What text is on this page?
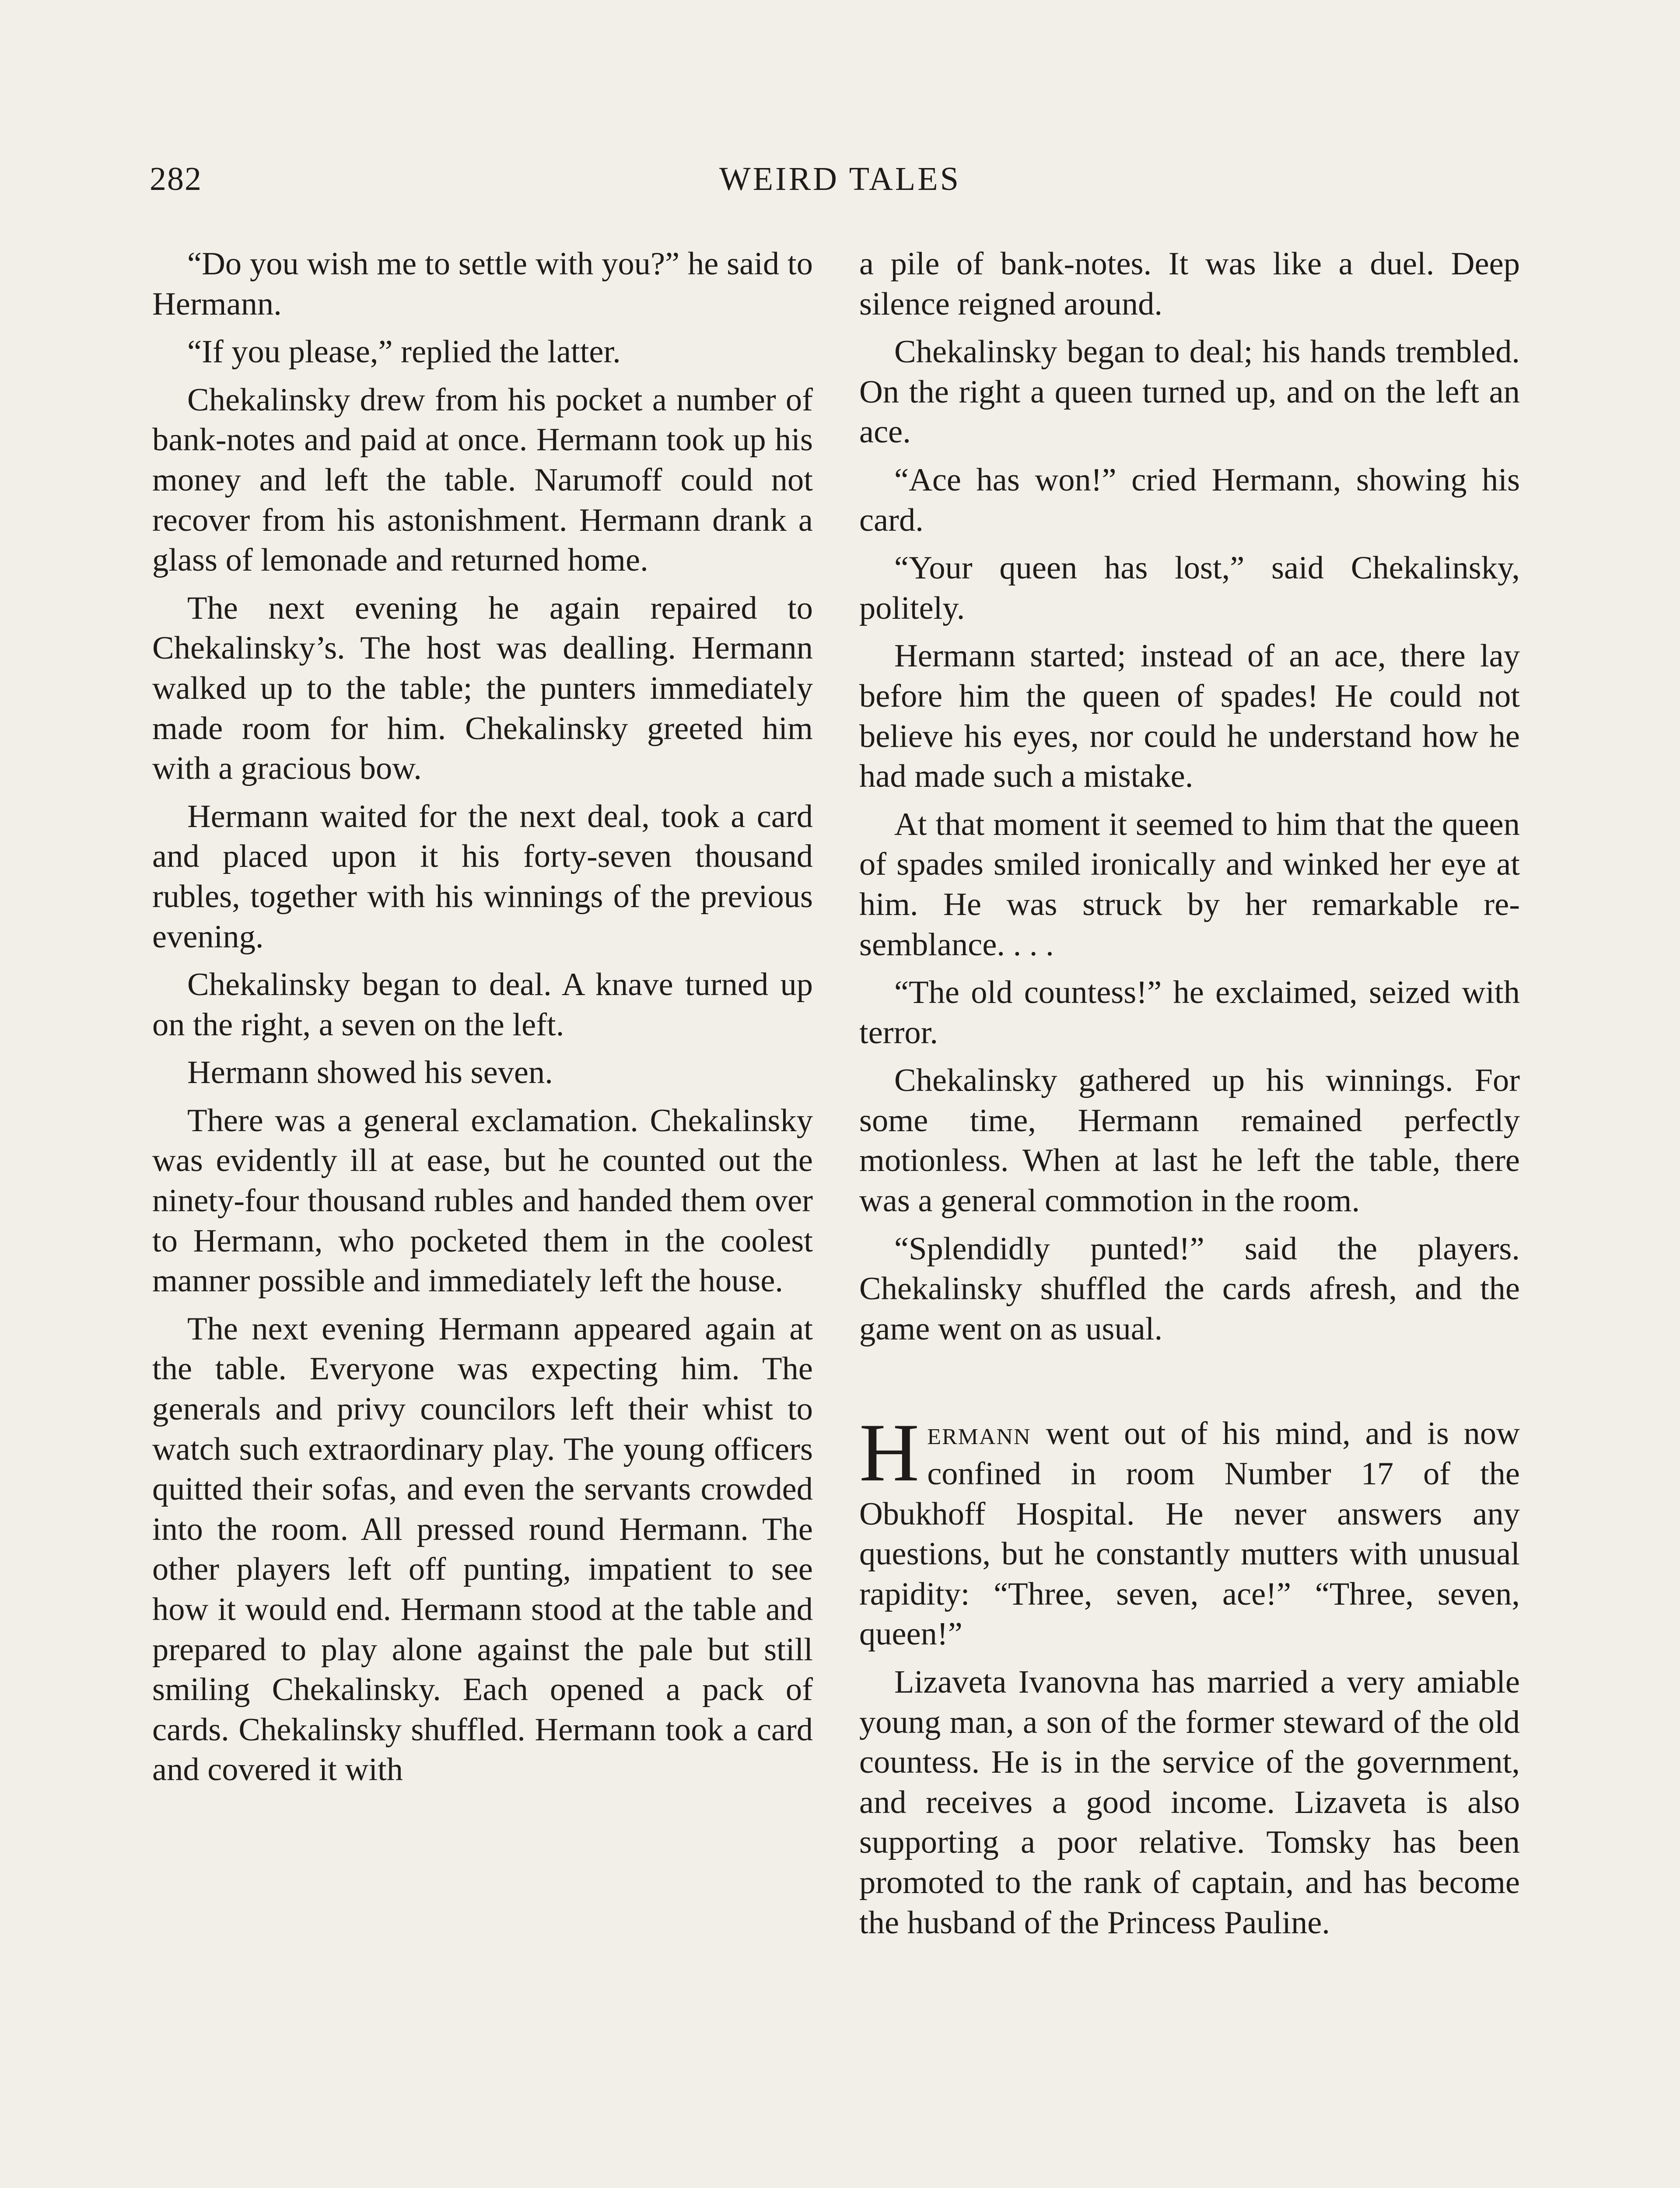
282	WEIRD TALES

“Do you wish me to settle with you?” he said to Hermann.

“If you please,” replied the latter.

Chekalinsky drew from his pocket a number of bank-notes and paid at once. Hermann took up his money and left the table. Narumoff could not recover from his astonishment. Hermann drank a glass of lemonade and returned home.

The next evening he again repaired to Chekalinsky’s. The host was dealling. Hermann walked up to the table; the punters immediately made room for him. Chekalinsky greeted him with a gracious bow.

Hermann waited for the next deal, took a card and placed upon it his forty-seven thousand rubles, together with his winnings of the previous evening.

Chekalinsky began to deal. A knave turned up on the right, a seven on the left.

Hermann showed his seven.

There was a general exclamation. Chekalinsky was evidently ill at ease, but he counted out the ninety-four thousand rubles and handed them over to Hermann, who pocketed them in the coolest manner possible and immediately left the house.

The next evening Hermann appeared again at the table. Everyone was expecting him. The generals and privy councilors left their whist to watch such extraordinary play. The young officers quitted their sofas, and even the servants crowded into the room. All pressed round Hermann. The other players left off punting, impatient to see how it would end. Hermann stood at the table and prepared to play alone against the pale but still smiling Chekalinsky. Each opened a pack of cards. Chekalinsky shuffled. Hermann took a card and covered it with

a pile of bank-notes. It was like a duel. Deep silence reigned around.

Chekalinsky began to deal; his hands trembled. On the right a queen turned up, and on the left an ace.

“Ace has won!” cried Hermann, showing his card.

“Your queen has lost,” said Chekalinsky, politely.

Hermann started; instead of an ace, there lay before him the queen of spades! He could not believe his eyes, nor could he understand how he had made such a mistake.

At that moment it seemed to him that the queen of spades smiled ironically and winked her eye at him. He was struck by her remarkable resemblance. . . .

“The old countess!” he exclaimed, seized with terror.

Chekalinsky gathered up his winnings. For some time, Hermann remained perfectly motionless. When at last he left the table, there was a general commotion in the room.

“Splendidly punted!” said the players. Chekalinsky shuffled the cards afresh, and the game went on as usual.

Hermann went out of his mind, and is now confined in room Number 17 of the Obukhoff Hospital. He never answers any questions, but he constantly mutters with unusual rapidity: “Three, seven, ace!” “Three, seven, queen!”

Lizaveta Ivanovna has married a very amiable young man, a son of the former steward of the old countess. He is in the service of the government, and receives a good income. Lizaveta is also supporting a poor relative. Tomsky has been promoted to the rank of captain, and has become the husband of the Princess Pauline.
